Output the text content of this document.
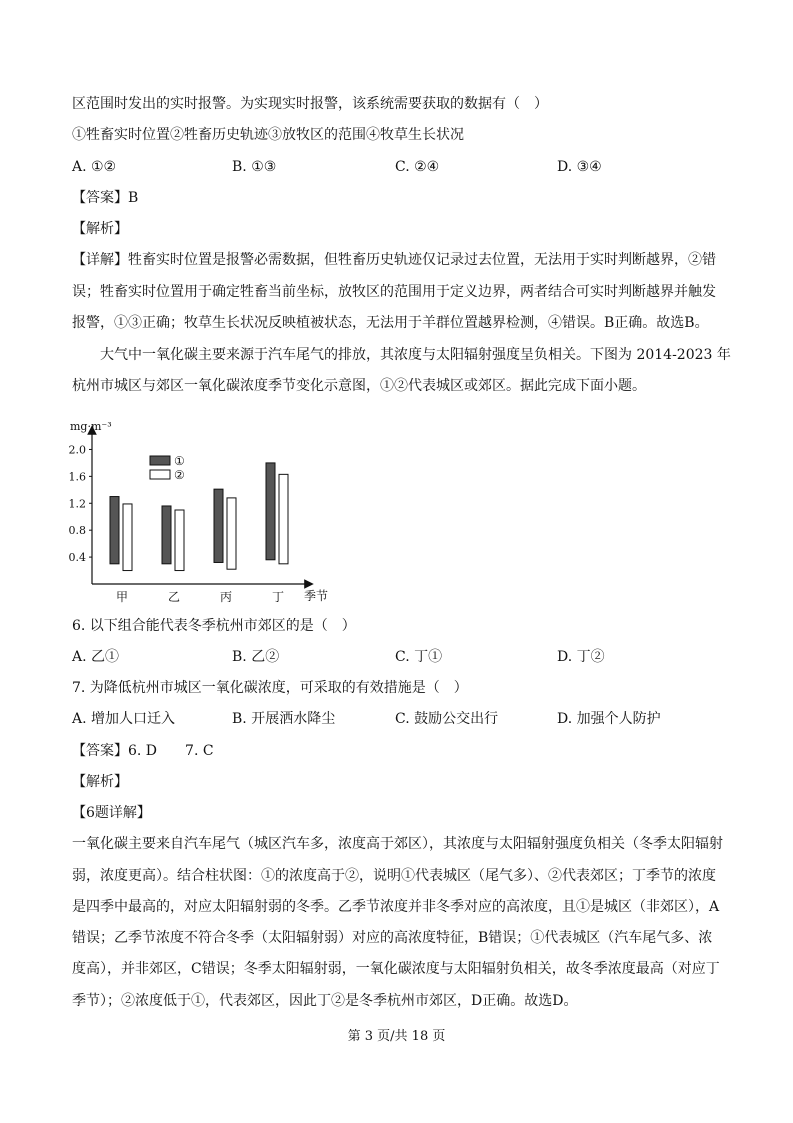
区范围时发出的实时报警。为实现实时报警，该系统需要获取的数据有（　）
①牲畜实时位置②牲畜历史轨迹③放牧区的范围④牧草生长状况
A. ①②	B. ①③	C. ②④	D. ③④
【答案】B
【解析】
【详解】牲畜实时位置是报警必需数据，但牲畜历史轨迹仅记录过去位置，无法用于实时判断越界，②错
误；牲畜实时位置用于确定牲畜当前坐标，放牧区的范围用于定义边界，两者结合可实时判断越界并触发
报警，①③正确；牧草生长状况反映植被状态，无法用于羊群位置越界检测，④错误。B正确。故选B。
大气中一氧化碳主要来源于汽车尾气的排放，其浓度与太阳辐射强度呈负相关。下图为 2014-2023 年
杭州市城区与郊区一氧化碳浓度季节变化示意图，①②代表城区或郊区。据此完成下面小题。
mg·m⁻³
季节
0.4
0.8
1.2
1.6
2.0
甲	乙	丙	丁
①
②
6. 以下组合能代表冬季杭州市郊区的是（　）
A. 乙①	B. 乙②	C. 丁①	D. 丁②
7. 为降低杭州市城区一氧化碳浓度，可采取的有效措施是（　）
A. 增加人口迁入	B. 开展洒水降尘	C. 鼓励公交出行	D. 加强个人防护
【答案】6. D　　7. C
【解析】
【6题详解】
一氧化碳主要来自汽车尾气（城区汽车多，浓度高于郊区），其浓度与太阳辐射强度负相关（冬季太阳辐射
弱，浓度更高）。结合柱状图：①的浓度高于②，说明①代表城区（尾气多）、②代表郊区；丁季节的浓度
是四季中最高的，对应太阳辐射弱的冬季。乙季节浓度并非冬季对应的高浓度，且①是城区（非郊区），A
错误；乙季节浓度不符合冬季（太阳辐射弱）对应的高浓度特征，B错误；①代表城区（汽车尾气多、浓
度高），并非郊区，C错误；冬季太阳辐射弱，一氧化碳浓度与太阳辐射负相关，故冬季浓度最高（对应丁
季节）；②浓度低于①，代表郊区，因此丁②是冬季杭州市郊区，D正确。故选D。
第 3 页/共 18 页
